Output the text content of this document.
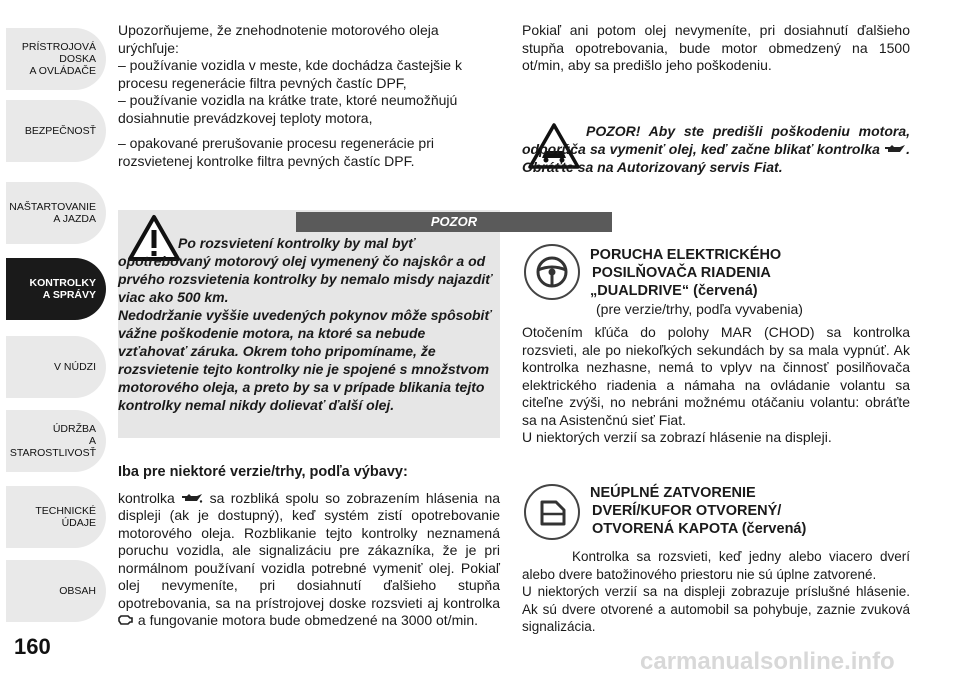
PRÍSTROJOVÁ
DOSKA
A OVLÁDAČE
BEZPEČNOSŤ
NAŠTARTOVANIE
A JAZDA
KONTROLKY
A SPRÁVY
V NÚDZI
ÚDRŽBA
A STAROSTLIVOSŤ
TECHNICKÉ ÚDAJE
OBSAH
160

Upozorňujeme, že znehodnotenie motorového oleja urýchľuje:

– používanie vozidla v meste, kde dochádza častejšie k procesu regenerácie filtra pevných častíc DPF,

– používanie vozidla na krátke trate, ktoré neumožňujú dosiahnutie prevádzkovej teploty motora,

– opakované prerušovanie procesu regenerácie pri rozsvietenej kontrolke filtra pevných častíc DPF.

POZOR

Po rozsvietení kontrolky by mal byť opotrebovaný motorový olej vymenený čo najskôr a od prvého rozsvietenia kontrolky by nemalo misdy najazdiť viac ako 500 km.

Nedodržanie vyššie uvedených pokynov môže spôsobiť vážne poškodenie motora, na ktoré sa nebude vzťahovať záruka. Okrem toho pripomíname, že rozsvietenie tejto kontrolky nie je spojené s množstvom motorového oleja, a preto by sa v prípade blikania tejto kontrolky nemal nikdy dolievať ďalší olej.

Iba pre niektoré verzie/trhy, podľa výbavy:

kontrolka sa rozbliká spolu so zobrazením hlásenia na displeji (ak je dostupný), keď systém zistí opotrebovanie motorového oleja. Rozblikanie tejto kontrolky neznamená poruchu vozidla, ale signalizáciu pre zákazníka, že je pri normálnom používaní vozidla potrebné vymeniť olej. Pokiaľ olej nevymeníte, pri dosiahnutí ďalšieho stupňa opotrebovania, sa na prístrojovej doske rozsvieti aj kontrolka  a fungovanie motora bude obmedzené na 3000 ot/min.

Pokiaľ ani potom olej nevymeníte, pri dosiahnutí ďalšieho stupňa opotrebovania, bude motor obmedzený na 1500 ot/min, aby sa predišlo jeho poškodeniu.

POZOR! Aby ste predišli poškodeniu motora, odporúča sa vymeniť olej, keď začne blikať kontrolka . Obráťte sa na Autorizovaný servis Fiat.

PORUCHA ELEKTRICKÉHO
POSILŇOVAČA RIADENIA
„DUALDRIVE“ (červená)
(pre verzie/trhy, podľa vyvabenia)

Otočením kľúča do polohy MAR (CHOD) sa kontrolka rozsvieti, ale po niekoľkých sekundách by sa mala vypnúť. Ak kontrolka nezhasne, nemá to vplyv na činnosť posilňovača elektrického riadenia a námaha na ovládanie volantu sa citeľne zvýši, no nebráni možnému otáčaniu volantu: obráťte sa na Asistenčnú sieť Fiat.

U niektorých verzií sa zobrazí hlásenie na displeji.

NEÚPLNÉ ZATVORENIE
DVERÍ/KUFOR OTVORENÝ/
OTVORENÁ KAPOTA (červená)

Kontrolka sa rozsvieti, keď jedny alebo viacero dverí alebo dvere batožinového priestoru nie sú úplne zatvorené.

U niektorých verzií sa na displeji zobrazuje príslušné hlásenie. Ak sú dvere otvorené a automobil sa pohybuje, zaznie zvuková signalizácia.

carmanualsonline.info
